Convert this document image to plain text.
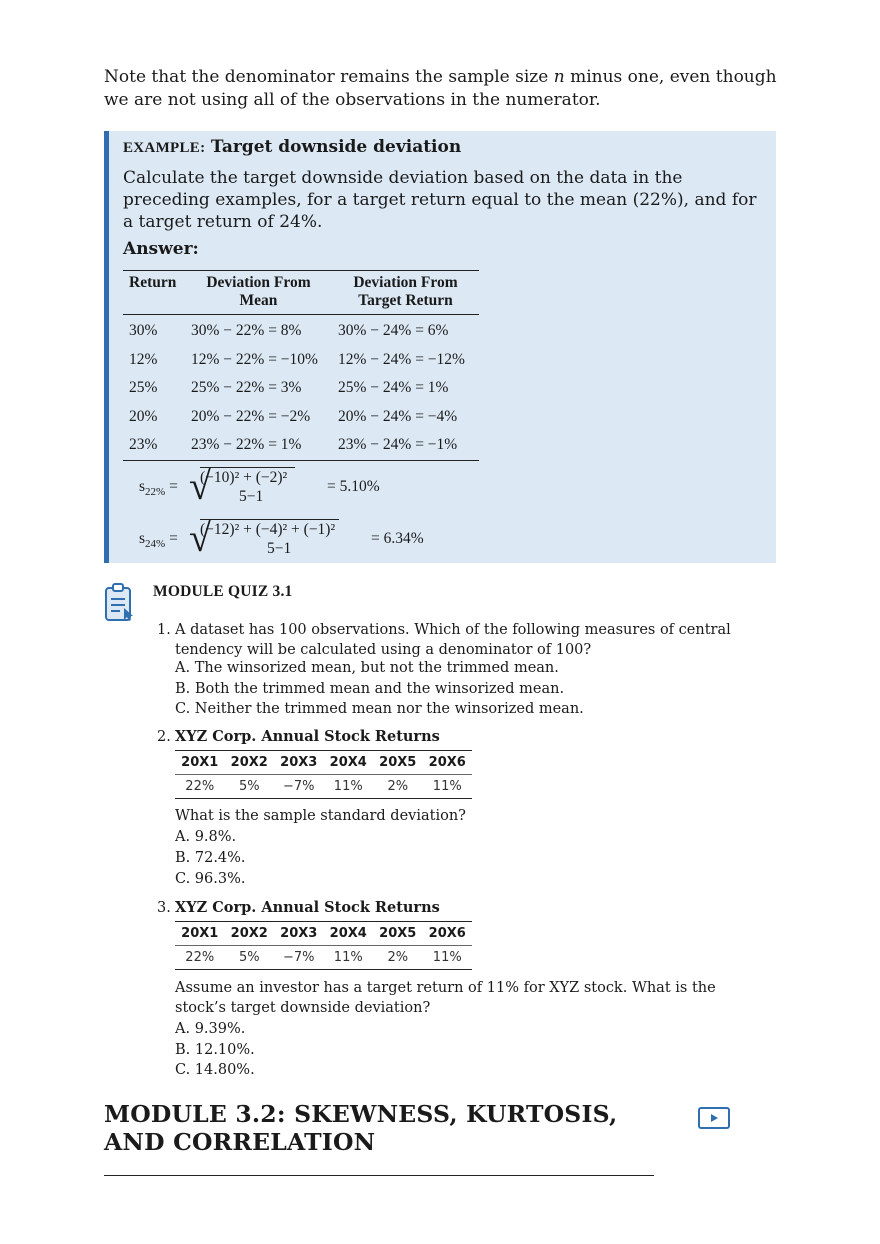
Note that the denominator remains the sample size n minus one, even though we are not using all of the observations in the numerator.
EXAMPLE: Target downside deviation
Calculate the target downside deviation based on the data in the preceding examples, for a target return equal to the mean (22%), and for a target return of 24%.
Answer:
Return	Deviation From Mean	Deviation From Target Return
30%	30% − 22% = 8%	30% − 24% = 6%
12%	12% − 22% = −10%	12% − 24% = −12%
25%	25% − 22% = 3%	25% − 24% = 1%
20%	20% − 22% = −2%	20% − 24% = −4%
23%	23% − 22% = 1%	23% − 24% = −1%
$s_{22\%}$ = √
(−10)² + (−2)²
5−1
= 5.10%
$s_{24\%}$ = √
(−12)² + (−4)² + (−1)²
5−1
= 6.34%
MODULE QUIZ 3.1
1. A dataset has 100 observations. Which of the following measures of central tendency will be calculated using a denominator of 100?
A. The winsorized mean, but not the trimmed mean.
B. Both the trimmed mean and the winsorized mean.
C. Neither the trimmed mean nor the winsorized mean.
2. XYZ Corp. Annual Stock Returns
20X1	20X2	20X3	20X4	20X5	20X6
22%	5%	−7%	11%	2%	11%
What is the sample standard deviation?
A. 9.8%.
B. 72.4%.
C. 96.3%.
3. XYZ Corp. Annual Stock Returns
20X1	20X2	20X3	20X4	20X5	20X6
22%	5%	−7%	11%	2%	11%
Assume an investor has a target return of 11% for XYZ stock. What is the stock’s target downside deviation?
A. 9.39%.
B. 12.10%.
C. 14.80%.
MODULE 3.2: SKEWNESS, KURTOSIS,
AND CORRELATION
